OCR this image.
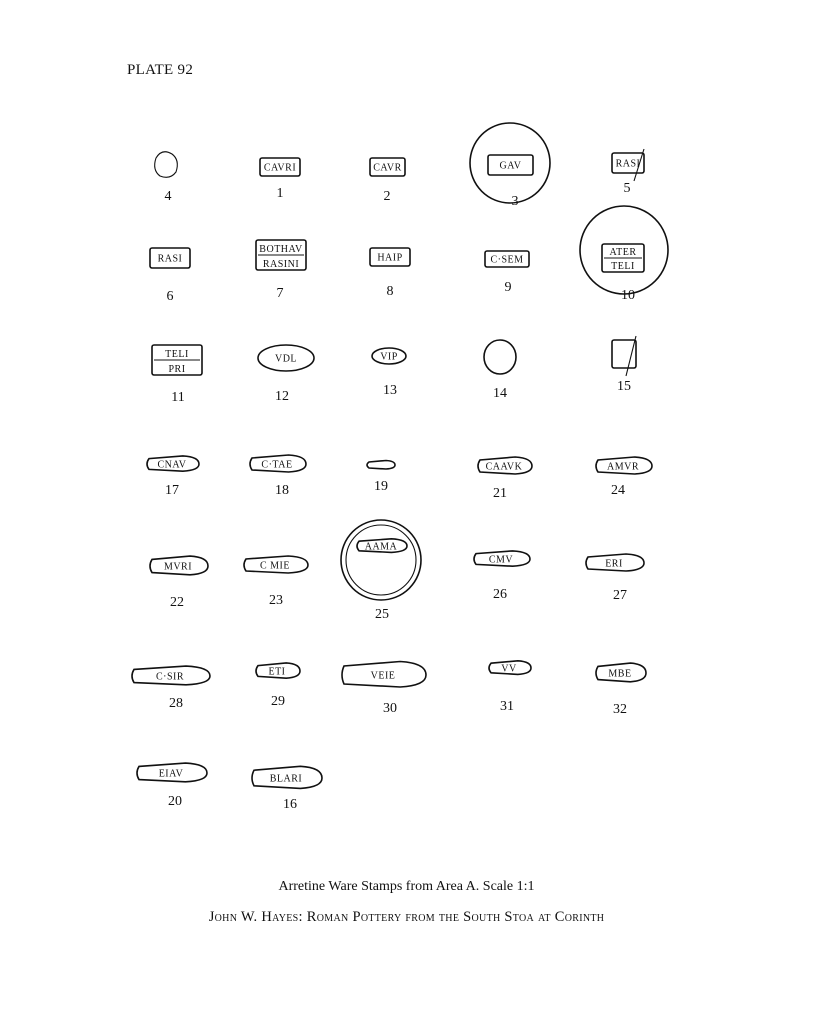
PLATE 92
4
CAVRI
1
CAVR
2
GAV
3
RASI
5
RASI
6
BOTHAV
RASINI
7
HAIP
8
C·SEM
9
ATER
TELI
10
TELI
PRI
11
VDL
12
VIP
13	14	15
CNAV
17
C·TAE
18	19
CAAVK
21
AMVR
24
MVRI
22
C MIE
23
AAMA
25
CMV
26
ERI
27
C·SIR
28
ETI
29
VEIE
30
VV
31
MBE
32
EIAV
20
BLARI
16
Arretine Ware Stamps from Area A. Scale 1:1
John W. Hayes: Roman Pottery from the South Stoa at Corinth
